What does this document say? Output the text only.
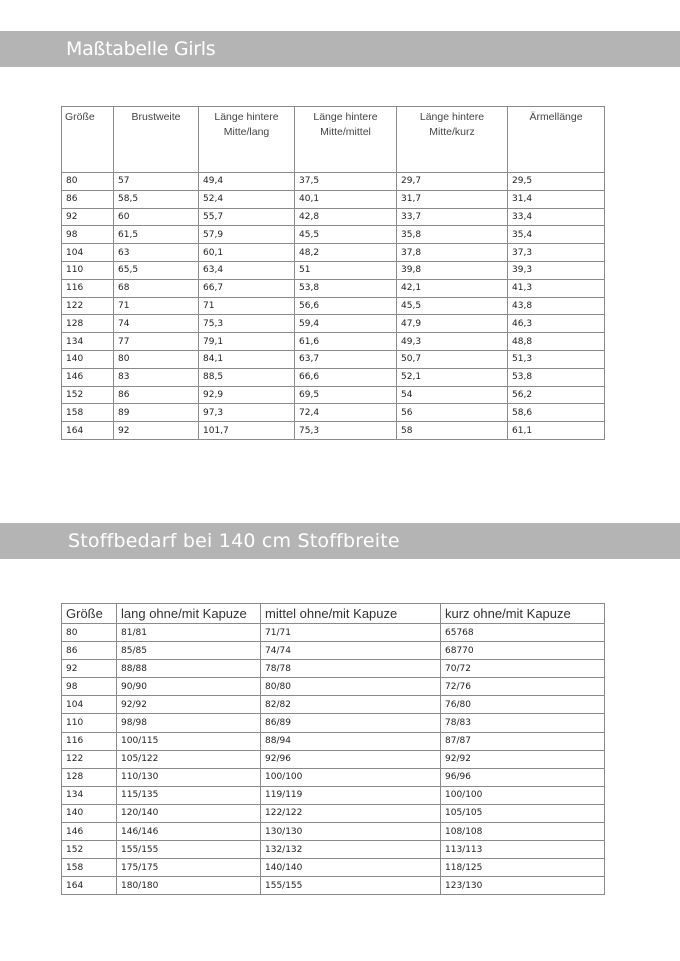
Maßtabelle Girls
Größe	Brustweite	Länge hintere Mitte/lang	Länge hintere Mitte/mittel	Länge hintere Mitte/kurz	Ärmellänge
80	57	49,4	37,5	29,7	29,5
86	58,5	52,4	40,1	31,7	31,4
92	60	55,7	42,8	33,7	33,4
98	61,5	57,9	45,5	35,8	35,4
104	63	60,1	48,2	37,8	37,3
110	65,5	63,4	51	39,8	39,3
116	68	66,7	53,8	42,1	41,3
122	71	71	56,6	45,5	43,8
128	74	75,3	59,4	47,9	46,3
134	77	79,1	61,6	49,3	48,8
140	80	84,1	63,7	50,7	51,3
146	83	88,5	66,6	52,1	53,8
152	86	92,9	69,5	54	56,2
158	89	97,3	72,4	56	58,6
164	92	101,7	75,3	58	61,1
Stoffbedarf bei 140 cm Stoffbreite
Größe	lang ohne/mit Kapuze	mittel ohne/mit Kapuze	kurz ohne/mit Kapuze
80	81/81	71/71	65768
86	85/85	74/74	68770
92	88/88	78/78	70/72
98	90/90	80/80	72/76
104	92/92	82/82	76/80
110	98/98	86/89	78/83
116	100/115	88/94	87/87
122	105/122	92/96	92/92
128	110/130	100/100	96/96
134	115/135	119/119	100/100
140	120/140	122/122	105/105
146	146/146	130/130	108/108
152	155/155	132/132	113/113
158	175/175	140/140	118/125
164	180/180	155/155	123/130
